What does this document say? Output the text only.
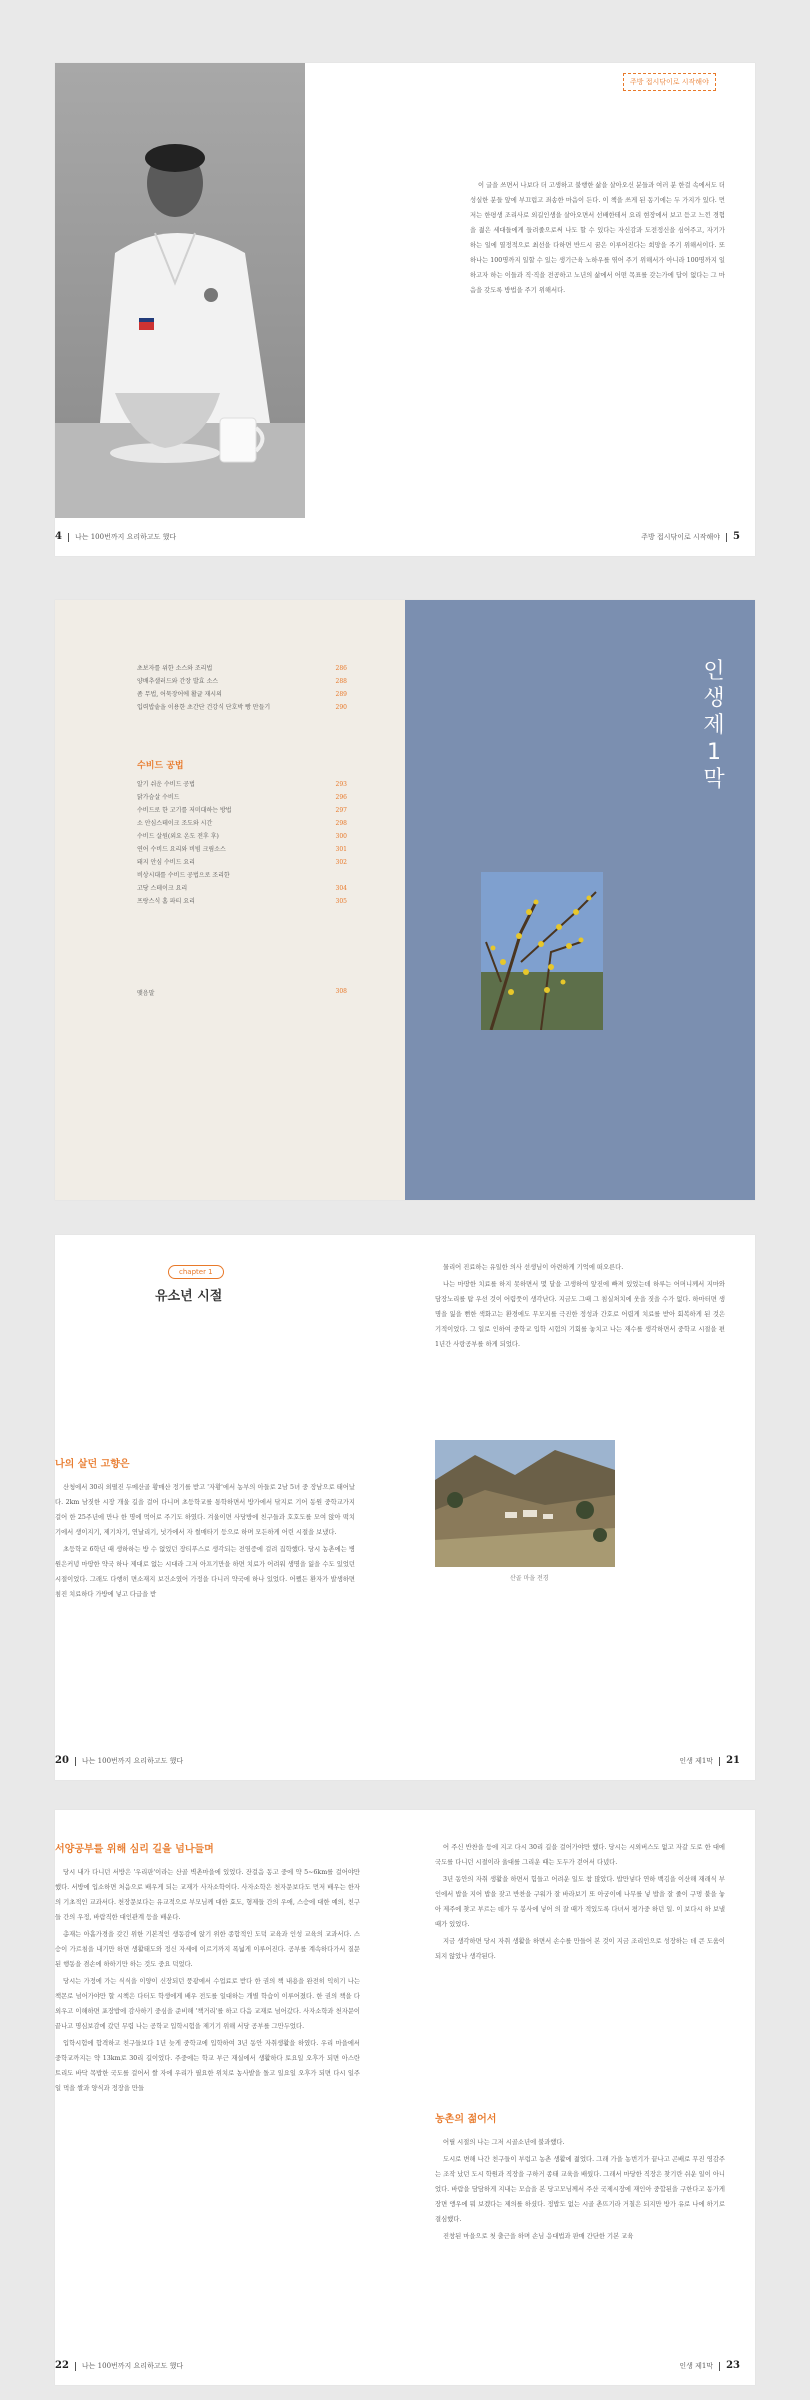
4 나는 100번까지 요리하고도 했다
주방 접시닦이로 시작해야

이 글을 쓰면서 나보다 더 고생하고 불행한 삶을 살아오신 분들과 여러 분 한걸 속에서도 더 성실한 분들 앞에 부끄럽고 죄송한 마음이 든다. 이 책을 쓰게 된 동기에는 두 가지가 있다. 먼저는 한평생 조리사로 외길인생을 살아오면서 선배한테서 요리 현장에서 보고 듣고 느낀 경험을 젊은 세대들에게 들려줄으로써 나도 할 수 있다는 자신감과 도전정신을 심어주고, 자기가 하는 일에 열정적으로 최선을 다하면 반드시 꿈은 이루어진다는 희망을 주기 위해서이다. 또 하나는 100명까지 일할 수 있는 생기근육 노하우를 엮어 주기 위해서가 아니라 100명까지 일하고자 하는 이들과 직·직을 전공하고 노년의 삶에서 어떤 목표를 갖는가에 답이 없다는 그 마음을 갖도록 방법을 주기 위해서다.

주방 접시닦이로 시작해야 5
초보자를 위한 소스와 조리법	286
양배추샐러드와 간장 발효 소스	288
좀 무법, 어묵장어에 활글 재시의	289
입력밥솥을 이용한 초간단 건강식 단호박 빵 만들기	290
수비드 공법
알기 쉬운 수비드 공법	293
닭가슴살 수비드	296
수비드로 한 고기를 저미대하는 방법	297
소 안심스테이크 조도와 시간	298
수비드 살원(외요 온도 전후 후)	300
연어 수비드 요리와 비빔 크림소스	301
돼지 안심 수비드 요리	302
비상시대를 수비드 공법으로 조리한
고당 스테이크 요리	304
프랑스식 홈 파티 요리	305
맺음말	308
인
생
제
1
막
chapter 1
유소년 시절
나의 살던 고향은

산청에서 30리 외떨진 두메산골 황매산 정기를 받고 '자황'에서 농부의 아들로 2남 5녀 중 장남으로 태어났다. 2km 남짓한 시장 개울 길을 걸어 다니며 초등학교를 통학하면서 방가에서 닦지로 기어 동원 중학교가지 걸어 한 25주년에 만나 한 명에 먹어로 주기도 하였다. 겨울이면 사당방에 친구들과 호호도를 모여 앉아 떡치기에서 생이지기, 제기차기, 연날리기, 넛가에서 자 썰매타기 등으로 하며 모든하게 어린 시절을 보냈다.

초등학교 6학년 때 생하하는 방 수 없었던 장티푸스로 생각되는 전염증에 걸려 집학했다. 당시 농촌에는 병원은커녕 마땅한 약국 하나 제대로 없는 시대라 그저 아프기만을 하면 치료가 어려워 생명을 잃을 수도 있었던 시절이었다. 그래도 다행히 면소재지 보건소였어 가정을 다니러 약국에 하나 있었다. 어쨌든 환자가 발생하면 침진 치료하다 가방에 넣고 다급을 받

20 나는 100번까지 요리하고도 했다

물리어 진료하는 유일한 의사 선생님이 아련하게 기억에 떠오른다.

나는 마땅한 치료를 하지 못하면서 몇 달을 고생하여 앞진에 빠져 있었는데 하루는 어머니께서 지마와 담장노리를 탐 우선 것이 어렴풋이 생각난다. 지금도 그때 그 침실처치에 웃을 짓을 수가 없다. 하마터면 생명을 잃을 뻔한 색화고는 환경에도 무모지를 극진한 정성과 간호로 어렵게 치료를 받아 회복하게 된 것은 기적이었다. 그 일로 인하여 중학교 입학 시험의 기회를 놓치고 나는 재수를 생각하면서 중학교 시절을 편 1년간 사랑공부를 하게 되었다.

산골 마을 전경
인생 제1막 21
서양공부를 위해 심리 길을 넘나들며

당시 내가 다니던 서방은 '우리판'이라는 산골 벽촌마을에 있었다. 잔걸음 동고 중에 약 5~6km를 걸어야만 했다. 서방에 입소하면 처음으로 배우게 되는 교재가 사자소학이다. 사자소학은 천자문보다도 먼저 배우는 한자의 기초적인 교과서다. 천장문보다는 유교적으로 부모님께 대한 효도, 형제들 간의 우애, 스승에 대한 예의, 친구들 간의 우정, 바람직한 대인관계 등을 배운다.

총재는 아홉가경을 갖긴 위한 기본적인 생동감에 앉기 위한 종합적인 도덕 교육과 인성 교육의 교과서다. 스승이 가르침을 내기만 하면 생활태도와 정신 자세에 이르기까지 폭넓게 이루어진다. 공부를 계속하다가서 질문된 행동을 겸손에 하하기만 하는 것도 중요 덕었다.

당시는 가정에 가는 식식을 이양이 신장되던 풍광에서 수업료로 받다 한 권의 책 내용을 완전히 익히기 나는 책몬로 넘어가야만 할 시책은 다터도 학생에게 배우 전도를 일대하는 개별 학습이 이루어졌다. 한 권의 책을 다 외우고 이해하면 포장밥에 감사하기 중심을 준비해 '책거리'를 하고 다음 교재로 넘어갔다. 사자소학과 천자문이 끝나고 명심보감에 갔던 무렵 나는 공학교 입학시험을 제기기 위해 서당 공부를 그만두었다.

입학시험에 합격하고 친구들보다 1년 늦게 중학교에 입학하여 3년 동안 자취생활을 하였다. 우리 마을에서 중학교까지는 약 13km로 30리 길이었다. 주중에는 학교 부근 재실에서 생활하다 토요일 오후가 되면 아스란 트리도 바닥 목밥한 국도를 걸어서 쌀 자에 우리가 필요한 위치로 농사밭을 돌고 일요일 오후가 되면 다시 일주일 먹을 쌀과 양식과 정장을 만들

22 나는 100번까지 요리하고도 했다

어 주신 반찬을 등에 지고 다시 30리 길을 걸어가야만 했다. 당시는 시외버스도 없고 자갈 도로 한 대에 국도를 다니던 시절이라 울대를 그리운 때는 도두가 걷어서 다녔다.

3년 동안의 자취 생활을 하면서 힘들고 어려운 일도 참 많았다. 밥만넣다 연하 백김을 이산해 재래식 부인에서 밥을 지어 밥을 잦고 반찬을 구워가 잘 바라보기 또 아궁이에 나무를 넣 밥을 잘 줄이 구멍 불을 놓아 제주에 찾고 부르는 데가 두 봉사에 넣어 의 잘 때가 적있도록 다녀서 평가중 하던 일. 이 보다시 하 보낼 때가 있었다.

지금 생각하면 당시 자취 생활을 하면서 손수를 만들어 본 것이 지금 조리인으로 성장하는 데 큰 도움이 되지 않았나 생각된다.

농촌의 젊어서

어릴 시절의 나는 그저 시골소년에 불과했다.

도시로 변해 나간 친구들이 부럽고 농촌 생활에 젊었다. 그래 가을 농번기가 끝나고 곤배로 무진 영감주는 조작 났던 도시 학원과 직장을 구하거 종태 교육을 배웠다. 그래서 마당한 직장은 찾기란 쉬운 일이 아니었다. 바람을 담담하게 지내는 모습을 본 당고모님께서 주산 국제시장에 재인아 중합된을 구한다고 동가게 장면 앵우에 뭐 보겠다는 제의를 하셨다. 정밥도 없는 시골 촌뜨기라 거칠은 되지만 방가 유로 나에 하기로 결심했다.

진창된 마을으로 첫 출근을 하며 손님 응대법과 판매 간단한 기본 교육

인생 제1막 23
